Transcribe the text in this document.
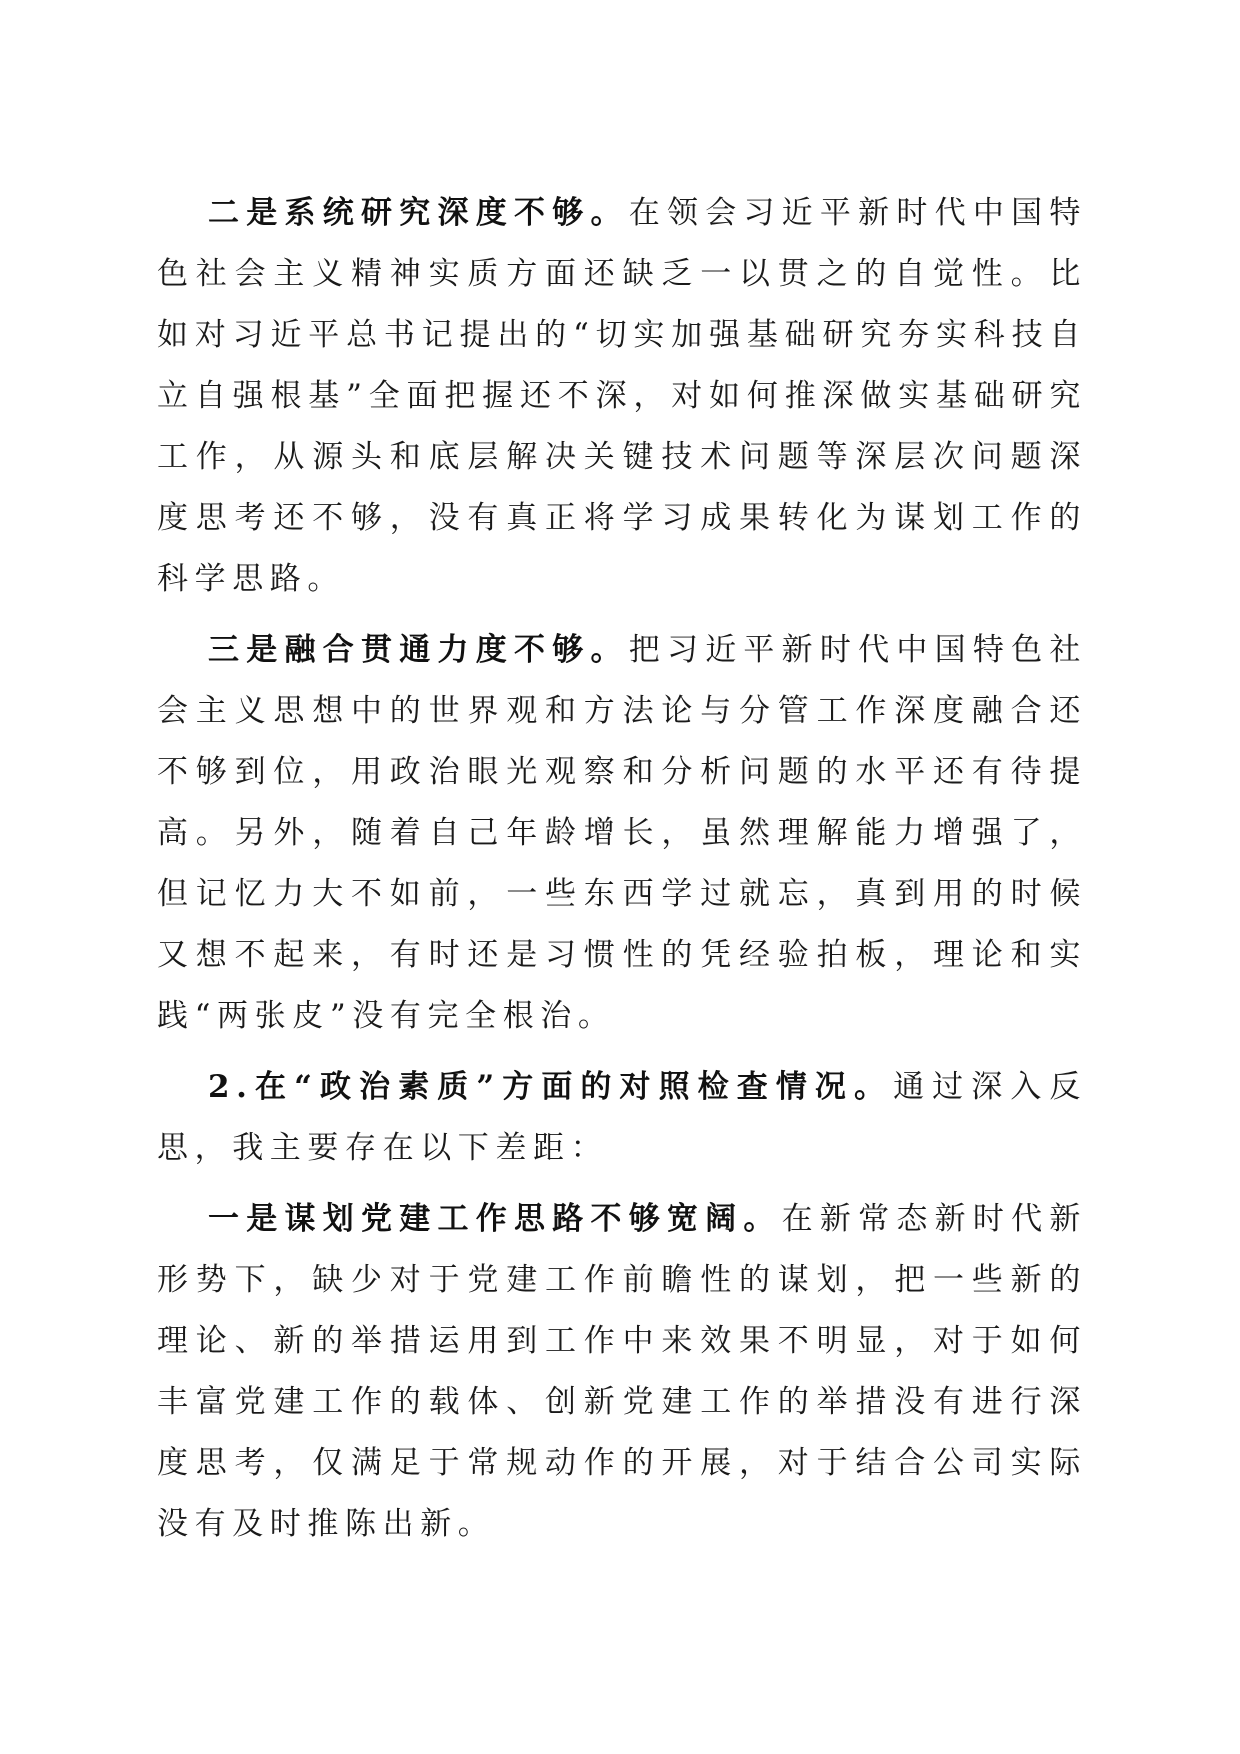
二是系统研究深度不够。在领会习近平新时代中国特色社会主义精神实质方面还缺乏一以贯之的自觉性。比如对习近平总书记提出的“切实加强基础研究夯实科技自立自强根基”全面把握还不深，对如何推深做实基础研究工作，从源头和底层解决关键技术问题等深层次问题深度思考还不够，没有真正将学习成果转化为谋划工作的科学思路。

三是融合贯通力度不够。把习近平新时代中国特色社会主义思想中的世界观和方法论与分管工作深度融合还不够到位，用政治眼光观察和分析问题的水平还有待提高。另外，随着自己年龄增长，虽然理解能力增强了，但记忆力大不如前，一些东西学过就忘，真到用的时候又想不起来，有时还是习惯性的凭经验拍板，理论和实践“两张皮”没有完全根治。

2.在“政治素质”方面的对照检查情况。通过深入反思，我主要存在以下差距：

一是谋划党建工作思路不够宽阔。在新常态新时代新形势下，缺少对于党建工作前瞻性的谋划，把一些新的理论、新的举措运用到工作中来效果不明显，对于如何丰富党建工作的载体、创新党建工作的举措没有进行深度思考，仅满足于常规动作的开展，对于结合公司实际没有及时推陈出新。
